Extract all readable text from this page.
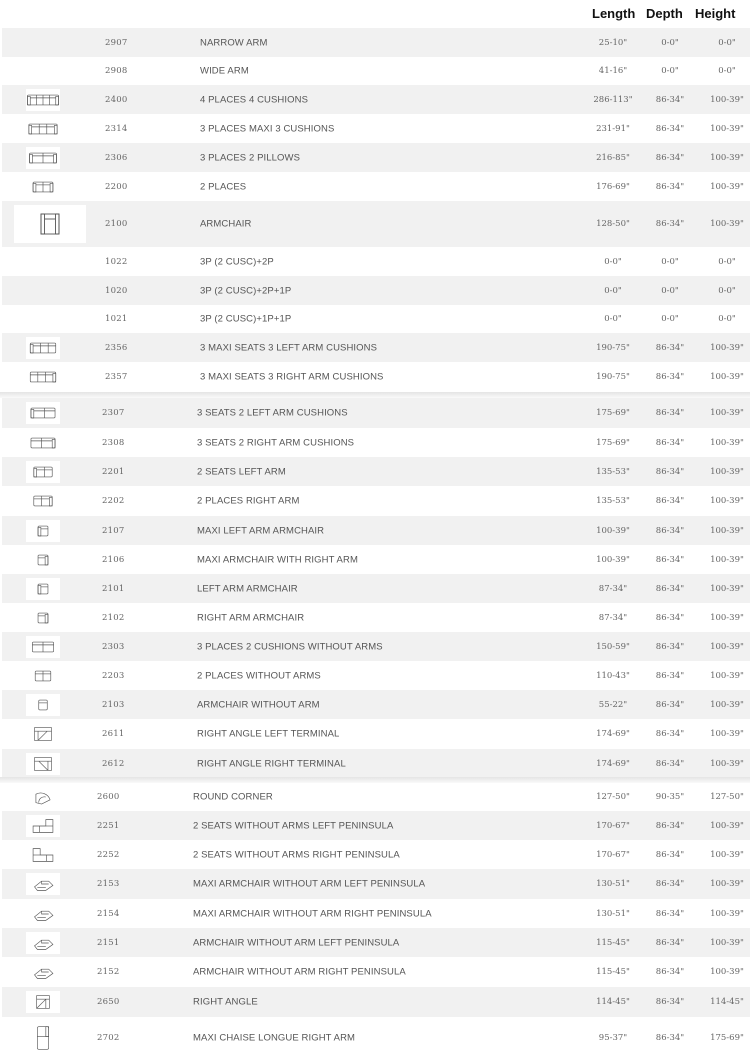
Length Depth Height
2907	NARROW ARM	25-10"	0-0"	0-0"
2908	WIDE ARM	41-16"	0-0"	0-0"
2400	4 PLACES 4 CUSHIONS	286-113"	86-34"	100-39"
2314	3 PLACES MAXI 3 CUSHIONS	231-91"	86-34"	100-39"
2306	3 PLACES 2 PILLOWS	216-85"	86-34"	100-39"
2200	2 PLACES	176-69"	86-34"	100-39"
2100	ARMCHAIR	128-50"	86-34"	100-39"
1022	3P (2 CUSC)+2P	0-0"	0-0"	0-0"
1020	3P (2 CUSC)+2P+1P	0-0"	0-0"	0-0"
1021	3P (2 CUSC)+1P+1P	0-0"	0-0"	0-0"
2356	3 MAXI SEATS 3 LEFT ARM CUSHIONS	190-75"	86-34"	100-39"
2357	3 MAXI SEATS 3 RIGHT ARM CUSHIONS	190-75"	86-34"	100-39"
2307	3 SEATS 2 LEFT ARM CUSHIONS	175-69"	86-34"	100-39"
2308	3 SEATS 2 RIGHT ARM CUSHIONS	175-69"	86-34"	100-39"
2201	2 SEATS LEFT ARM	135-53"	86-34"	100-39"
2202	2 PLACES RIGHT ARM	135-53"	86-34"	100-39"
2107	MAXI LEFT ARM ARMCHAIR	100-39"	86-34"	100-39"
2106	MAXI ARMCHAIR WITH RIGHT ARM	100-39"	86-34"	100-39"
2101	LEFT ARM ARMCHAIR	87-34"	86-34"	100-39"
2102	RIGHT ARM ARMCHAIR	87-34"	86-34"	100-39"
2303	3 PLACES 2 CUSHIONS WITHOUT ARMS	150-59"	86-34"	100-39"
2203	2 PLACES WITHOUT ARMS	110-43"	86-34"	100-39"
2103	ARMCHAIR WITHOUT ARM	55-22"	86-34"	100-39"
2611	RIGHT ANGLE LEFT TERMINAL	174-69"	86-34"	100-39"
2612	RIGHT ANGLE RIGHT TERMINAL	174-69"	86-34"	100-39"
2600	ROUND CORNER	127-50"	90-35"	127-50"
2251	2 SEATS WITHOUT ARMS LEFT PENINSULA	170-67"	86-34"	100-39"
2252	2 SEATS WITHOUT ARMS RIGHT PENINSULA	170-67"	86-34"	100-39"
2153	MAXI ARMCHAIR WITHOUT ARM LEFT PENINSULA	130-51"	86-34"	100-39"
2154	MAXI ARMCHAIR WITHOUT ARM RIGHT PENINSULA	130-51"	86-34"	100-39"
2151	ARMCHAIR WITHOUT ARM LEFT PENINSULA	115-45"	86-34"	100-39"
2152	ARMCHAIR WITHOUT ARM RIGHT PENINSULA	115-45"	86-34"	100-39"
2650	RIGHT ANGLE	114-45"	86-34"	114-45"
2702	MAXI CHAISE LONGUE RIGHT ARM	95-37"	86-34"	175-69"
